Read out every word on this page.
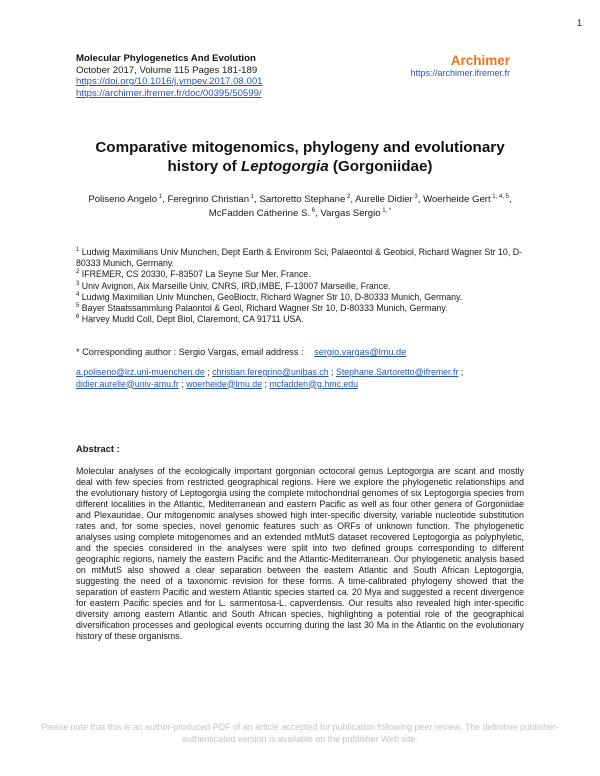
1
Molecular Phylogenetics And Evolution
October 2017, Volume 115 Pages 181-189
https://doi.org/10.1016/j.ympev.2017.08.001
https://archimer.ifremer.fr/doc/00395/50599/
Archimer
https://archimer.ifremer.fr
Comparative mitogenomics, phylogeny and evolutionary
history of Leptogorgia (Gorgoniidae)
Poliseno Angelo $^1$, Feregrino Christian $^1$, Sartoretto Stephane $^2$, Aurelle Didier $^3$, Woerheide Gert $^{1, 4, 5}$,
McFadden Catherine S. $^6$, Vargas Sergio $^{1, *}$
$^1$ Ludwig Maximilians Univ Munchen, Dept Earth & Environm Sci, Palaeontol & Geobiol, Richard Wagner Str 10, D-80333 Munich, Germany.
$^2$ IFREMER, CS 20330, F-83507 La Seyne Sur Mer, France.
$^3$ Univ Avignon, Aix Marseille Univ, CNRS, IRD,IMBE, F-13007 Marseille, France.
$^4$ Ludwig Maximilian Univ Munchen, GeoBioctr, Richard Wagner Str 10, D-80333 Munich, Germany.
$^5$ Bayer Staatssammlung Palaontol & Geol, Richard Wagner Str 10, D-80333 Munich, Germany.
$^6$ Harvey Mudd Coll, Dept Biol, Claremont, CA 91711 USA.
* Corresponding author : Sergio Vargas, email address : sergio.vargas@lmu.de
a.poliseno@lrz.uni-muenchen.de ; christian.feregrino@unibas.ch ; Stephane.Sartoretto@ifremer.fr ;
didier.aurelle@univ-amu.fr ; woerheide@lmu.de ; mcfadden@g.hmc.edu
Abstract :
Molecular analyses of the ecologically important gorgonian octocoral genus Leptogorgia are scant and mostly deal with few species from restricted geographical regions. Here we explore the phylogenetic relationships and the evolutionary history of Leptogorgia using the complete mitochondrial genomes of six Leptogorgia species from different localities in the Atlantic, Mediterranean and eastern Pacific as well as four other genera of Gorgoniidae and Plexauridae. Our mitogenomic analyses showed high inter-specific diversity, variable nucleotide substitution rates and, for some species, novel genomic features such as ORFs of unknown function. The phylogenetic analyses using complete mitogenomes and an extended mtMutS dataset recovered Leptogorgia as polyphyletic, and the species considered in the analyses were split into two defined groups corresponding to different geographic regions, namely the eastern Pacific and the Atlantic-Mediterranean. Our phylogenetic analysis based on mtMutS also showed a clear separation between the eastern Atlantic and South African Leptogorgia, suggesting the need of a taxonomic revision for these forms. A time-calibrated phylogeny showed that the separation of eastern Pacific and western Atlantic species started ca. 20 Mya and suggested a recent divergence for eastern Pacific species and for L. sarmentosa-L. capverdensis. Our results also revealed high inter-specific diversity among eastern Atlantic and South African species, highlighting a potential role of the geographical diversification processes and geological events occurring during the last 30 Ma in the Atlantic on the evolutionary history of these organisms.
Please note that this is an author-produced PDF of an article accepted for publication following peer review. The definitive publisher-authenticated version is available on the publisher Web site.
